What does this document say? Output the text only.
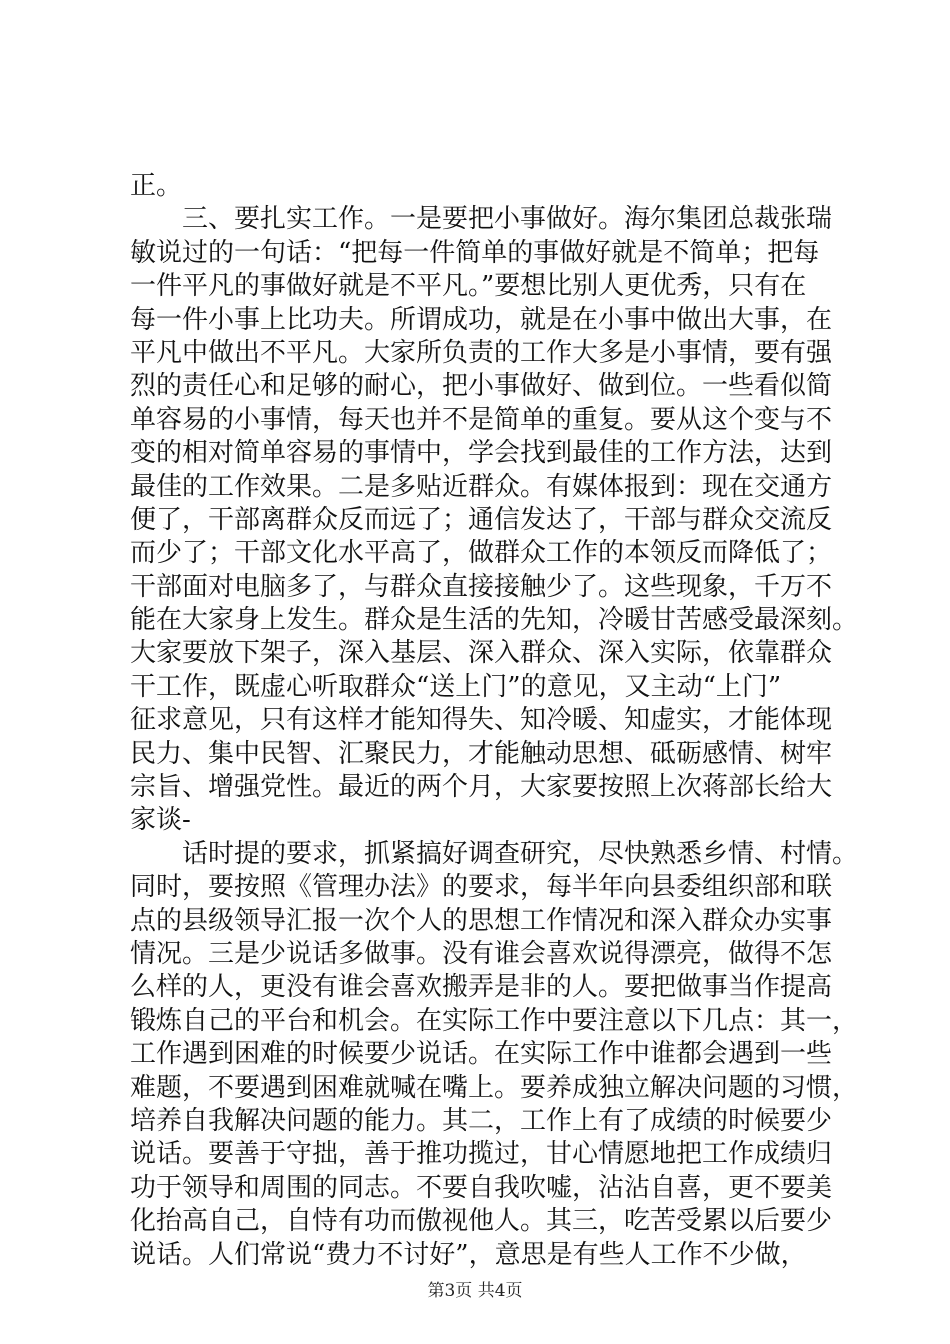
正。
　　三、要扎实工作。一是要把小事做好。海尔集团总裁张瑞
敏说过的一句话：“把每一件简单的事做好就是不简单；把每
一件平凡的事做好就是不平凡。”要想比别人更优秀，只有在
每一件小事上比功夫。所谓成功，就是在小事中做出大事，在
平凡中做出不平凡。大家所负责的工作大多是小事情，要有强
烈的责任心和足够的耐心，把小事做好、做到位。一些看似简
单容易的小事情，每天也并不是简单的重复。要从这个变与不
变的相对简单容易的事情中，学会找到最佳的工作方法，达到
最佳的工作效果。二是多贴近群众。有媒体报到：现在交通方
便了，干部离群众反而远了；通信发达了，干部与群众交流反
而少了；干部文化水平高了，做群众工作的本领反而降低了；
干部面对电脑多了，与群众直接接触少了。这些现象，千万不
能在大家身上发生。群众是生活的先知，冷暖甘苦感受最深刻。
大家要放下架子，深入基层、深入群众、深入实际，依靠群众
干工作，既虚心听取群众“送上门”的意见，又主动“上门”
征求意见，只有这样才能知得失、知冷暖、知虚实，才能体现
民力、集中民智、汇聚民力，才能触动思想、砥砺感情、树牢
宗旨、增强党性。最近的两个月，大家要按照上次蒋部长给大
家谈-
　　话时提的要求，抓紧搞好调查研究，尽快熟悉乡情、村情。
同时，要按照《管理办法》的要求，每半年向县委组织部和联
点的县级领导汇报一次个人的思想工作情况和深入群众办实事
情况。三是少说话多做事。没有谁会喜欢说得漂亮，做得不怎
么样的人，更没有谁会喜欢搬弄是非的人。要把做事当作提高
锻炼自己的平台和机会。在实际工作中要注意以下几点：其一，
工作遇到困难的时候要少说话。在实际工作中谁都会遇到一些
难题，不要遇到困难就喊在嘴上。要养成独立解决问题的习惯，
培养自我解决问题的能力。其二，工作上有了成绩的时候要少
说话。要善于守拙，善于推功揽过，甘心情愿地把工作成绩归
功于领导和周围的同志。不要自我吹嘘，沾沾自喜，更不要美
化抬高自己，自恃有功而傲视他人。其三，吃苦受累以后要少
说话。人们常说“费力不讨好”，意思是有些人工作不少做，
第3页 共4页
